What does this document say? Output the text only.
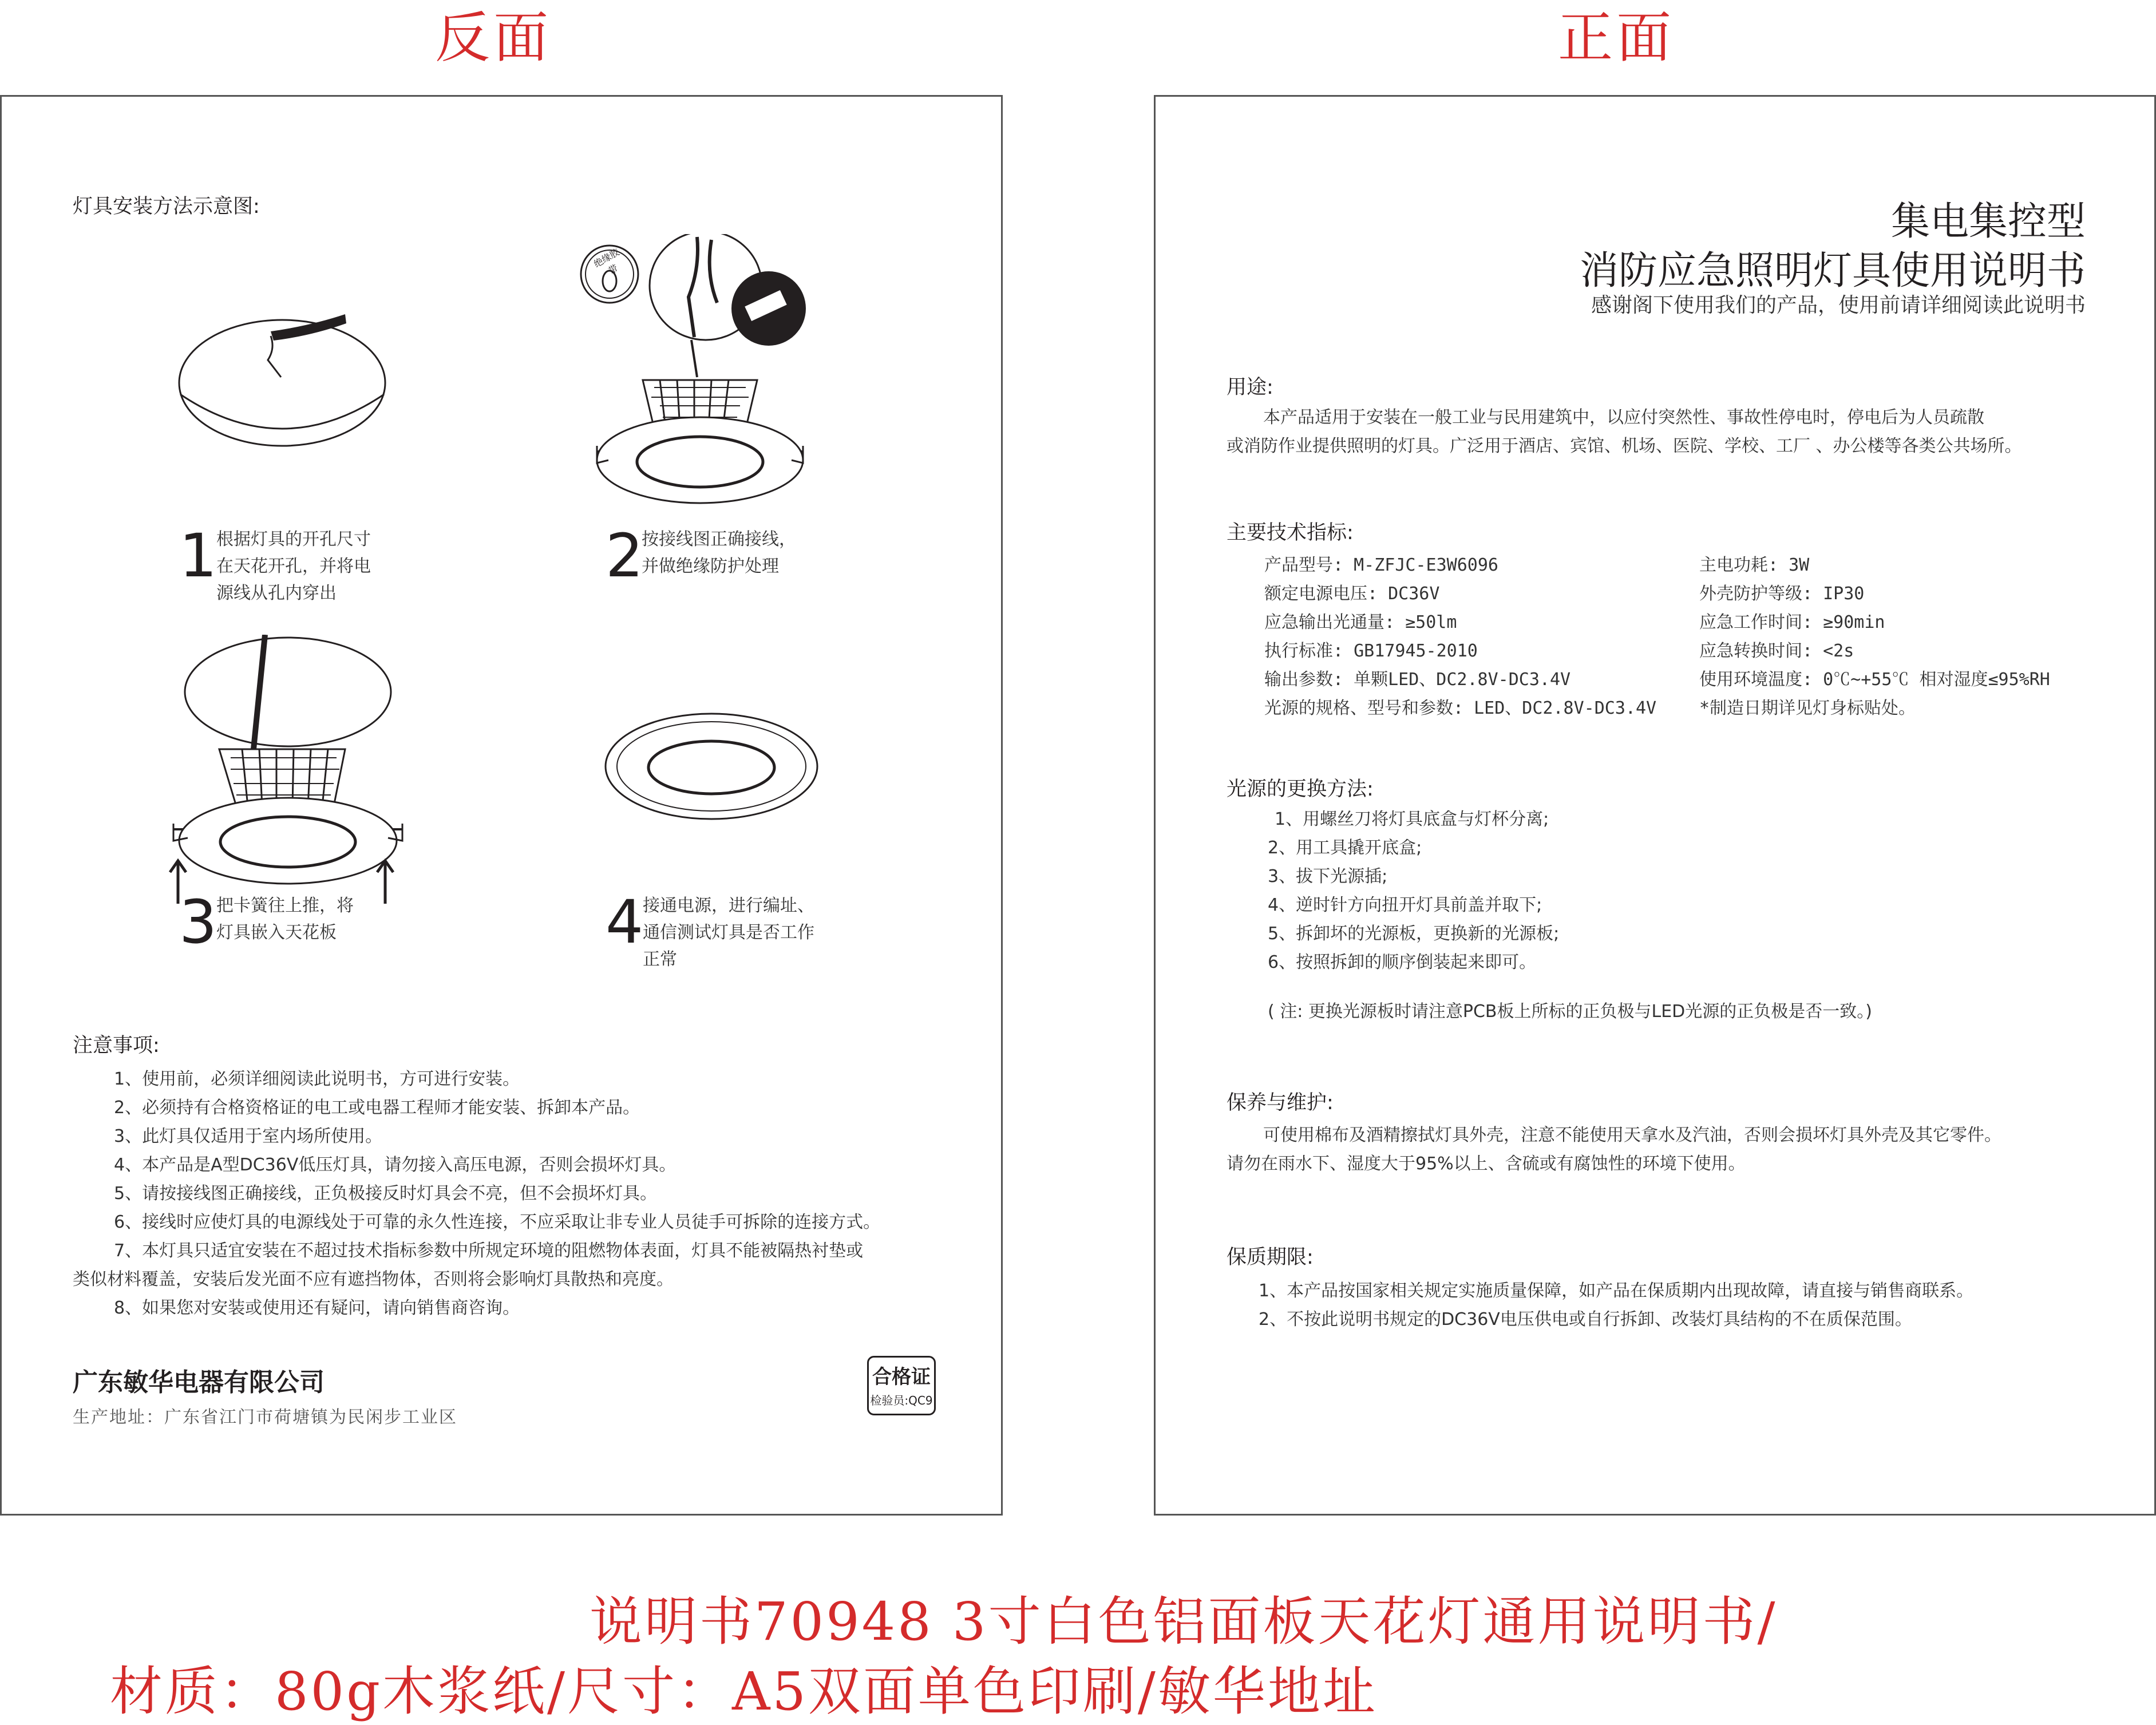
反面	正面
灯具安装方法示意图:
绝缘胶带
1
根据灯具的开孔尺寸
在天花开孔，并将电
源线从孔内穿出
2
按接线图正确接线，
并做绝缘防护处理
3
把卡簧往上推，将
灯具嵌入天花板	4
接通电源，进行编址、
通信测试灯具是否工作
正常
注意事项:
1、使用前，必须详细阅读此说明书，方可进行安装。
2、必须持有合格资格证的电工或电器工程师才能安装、拆卸本产品。
3、此灯具仅适用于室内场所使用。
4、本产品是A型DC36V低压灯具，请勿接入高压电源，否则会损坏灯具。
5、请按接线图正确接线，正负极接反时灯具会不亮，但不会损坏灯具。
6、接线时应使灯具的电源线处于可靠的永久性连接，不应采取让非专业人员徒手可拆除的连接方式。
7、本灯具只适宜安装在不超过技术指标参数中所规定环境的阻燃物体表面，灯具不能被隔热衬垫或
类似材料覆盖，安装后发光面不应有遮挡物体，否则将会影响灯具散热和亮度。
8、如果您对安装或使用还有疑问，请向销售商咨询。
广东敏华电器有限公司
生产地址：广东省江门市荷塘镇为民闲步工业区
合格证
检验员:QC9
集电集控型
消防应急照明灯具使用说明书
感谢阁下使用我们的产品，使用前请详细阅读此说明书
用途:
本产品适用于安装在一般工业与民用建筑中，以应付突然性、事故性停电时，停电后为人员疏散
或消防作业提供照明的灯具。广泛用于酒店、宾馆、机场、医院、学校、工厂 、办公楼等各类公共场所。
主要技术指标:
产品型号: M-ZFJC-E3W6096
额定电源电压: DC36V
应急输出光通量: ≥50lm
执行标准: GB17945-2010
输出参数: 单颗LED、DC2.8V-DC3.4V
光源的规格、型号和参数: LED、DC2.8V-DC3.4V
主电功耗: 3W
外壳防护等级: IP30
应急工作时间: ≥90min
应急转换时间: <2s
使用环境温度: 0℃~+55℃ 相对湿度≤95%RH
*制造日期详见灯身标贴处。
光源的更换方法:
1、用螺丝刀将灯具底盒与灯杯分离;
2、用工具撬开底盒;
3、拔下光源插;
4、逆时针方向扭开灯具前盖并取下;
5、拆卸坏的光源板，更换新的光源板;
6、按照拆卸的顺序倒装起来即可。
( 注: 更换光源板时请注意PCB板上所标的正负极与LED光源的正负极是否一致。)
保养与维护:
可使用棉布及酒精擦拭灯具外壳，注意不能使用天拿水及汽油，否则会损坏灯具外壳及其它零件。
请勿在雨水下、湿度大于95%以上、含硫或有腐蚀性的环境下使用。
保质期限:
1、本产品按国家相关规定实施质量保障，如产品在保质期内出现故障，请直接与销售商联系。
2、不按此说明书规定的DC36V电压供电或自行拆卸、改装灯具结构的不在质保范围。
说明书70948 3寸白色铝面板天花灯通用说明书/
材质：80g木浆纸/尺寸：A5双面单色印刷/敏华地址
